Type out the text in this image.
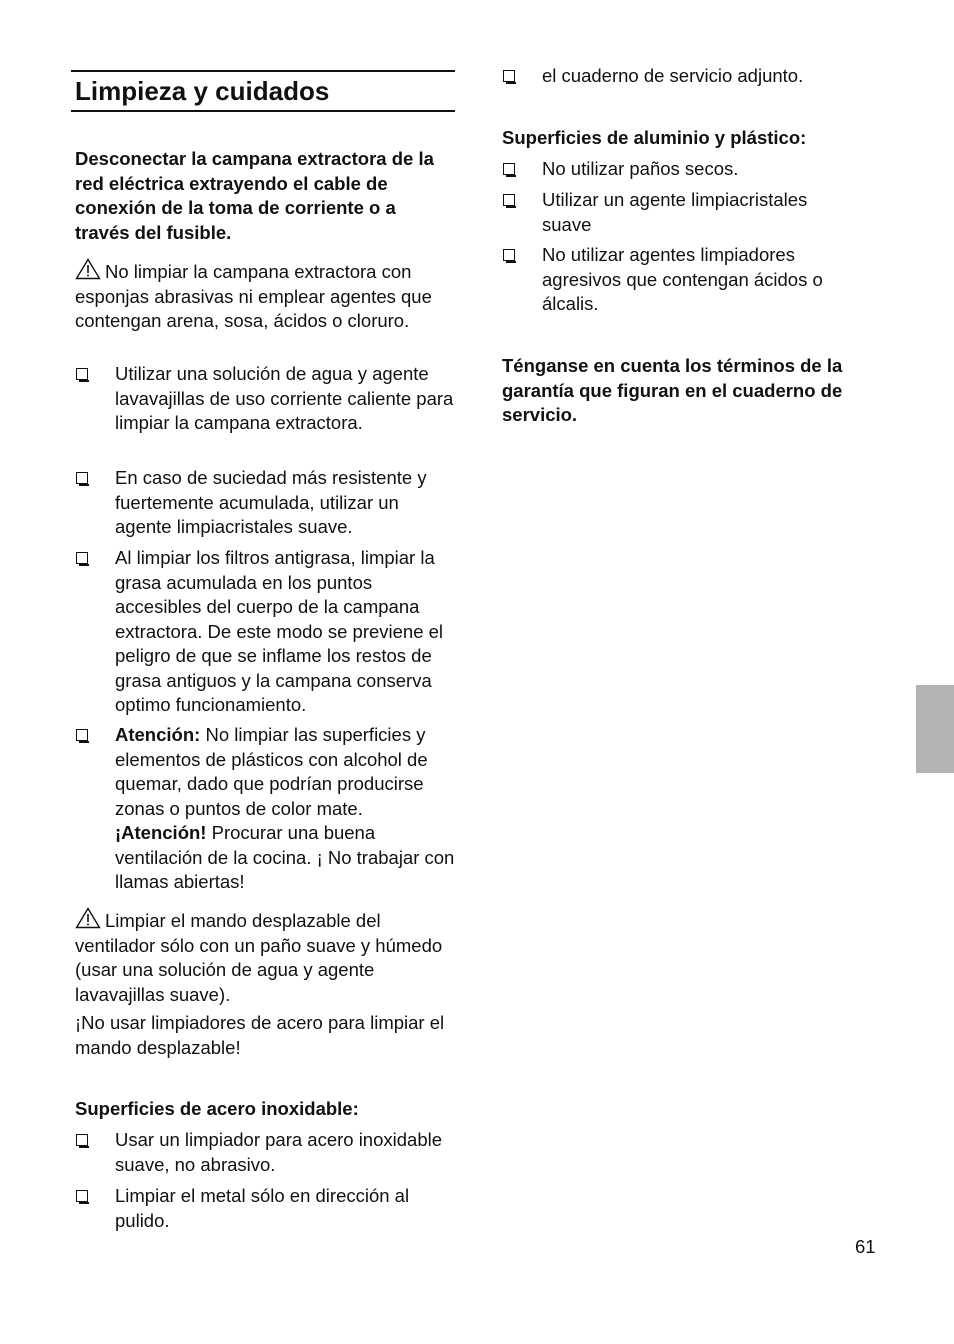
Limpieza y cuidados

Desconectar la campana extractora de la red eléctrica extrayendo el cable de conexión de la toma de corriente o a través del fusible.

No limpiar la campana extractora con esponjas abrasivas ni emplear agentes que contengan arena, sosa, ácidos o cloruro.

Utilizar una solución de agua y agente lavavajillas de uso corriente caliente para limpiar la campana extractora.
En caso de suciedad más resistente y fuertemente acumulada, utilizar un agente limpiacristales suave.
Al limpiar los filtros antigrasa, limpiar la grasa acumulada en los puntos accesibles del cuerpo de la campana extractora. De este modo se previene el peligro de que se inflame los restos de grasa antiguos y la campana conserva optimo funcionamiento.
Atención: No limpiar las superficies y elementos de plásticos con alcohol de quemar, dado que podrían producirse zonas o puntos de color mate.
¡Atención! Procurar una buena ventilación de la cocina. ¡ No trabajar con llamas abiertas!

Limpiar el mando desplazable del ventilador sólo con un paño suave y húmedo (usar una solución de agua y agente lavavajillas suave).

¡No usar limpiadores de acero para limpiar el mando desplazable!

Superficies de acero inoxidable:

Usar un limpiador para acero inoxidable suave, no abrasivo.
Limpiar el metal sólo en dirección al pulido.
el cuaderno de servicio adjunto.

Superficies de aluminio y plástico:

No utilizar paños secos.
Utilizar un agente limpiacristales suave
No utilizar agentes limpiadores agresivos que contengan ácidos o álcalis.

Ténganse en cuenta los términos de la garantía que figuran en el cuaderno de servicio.

61
